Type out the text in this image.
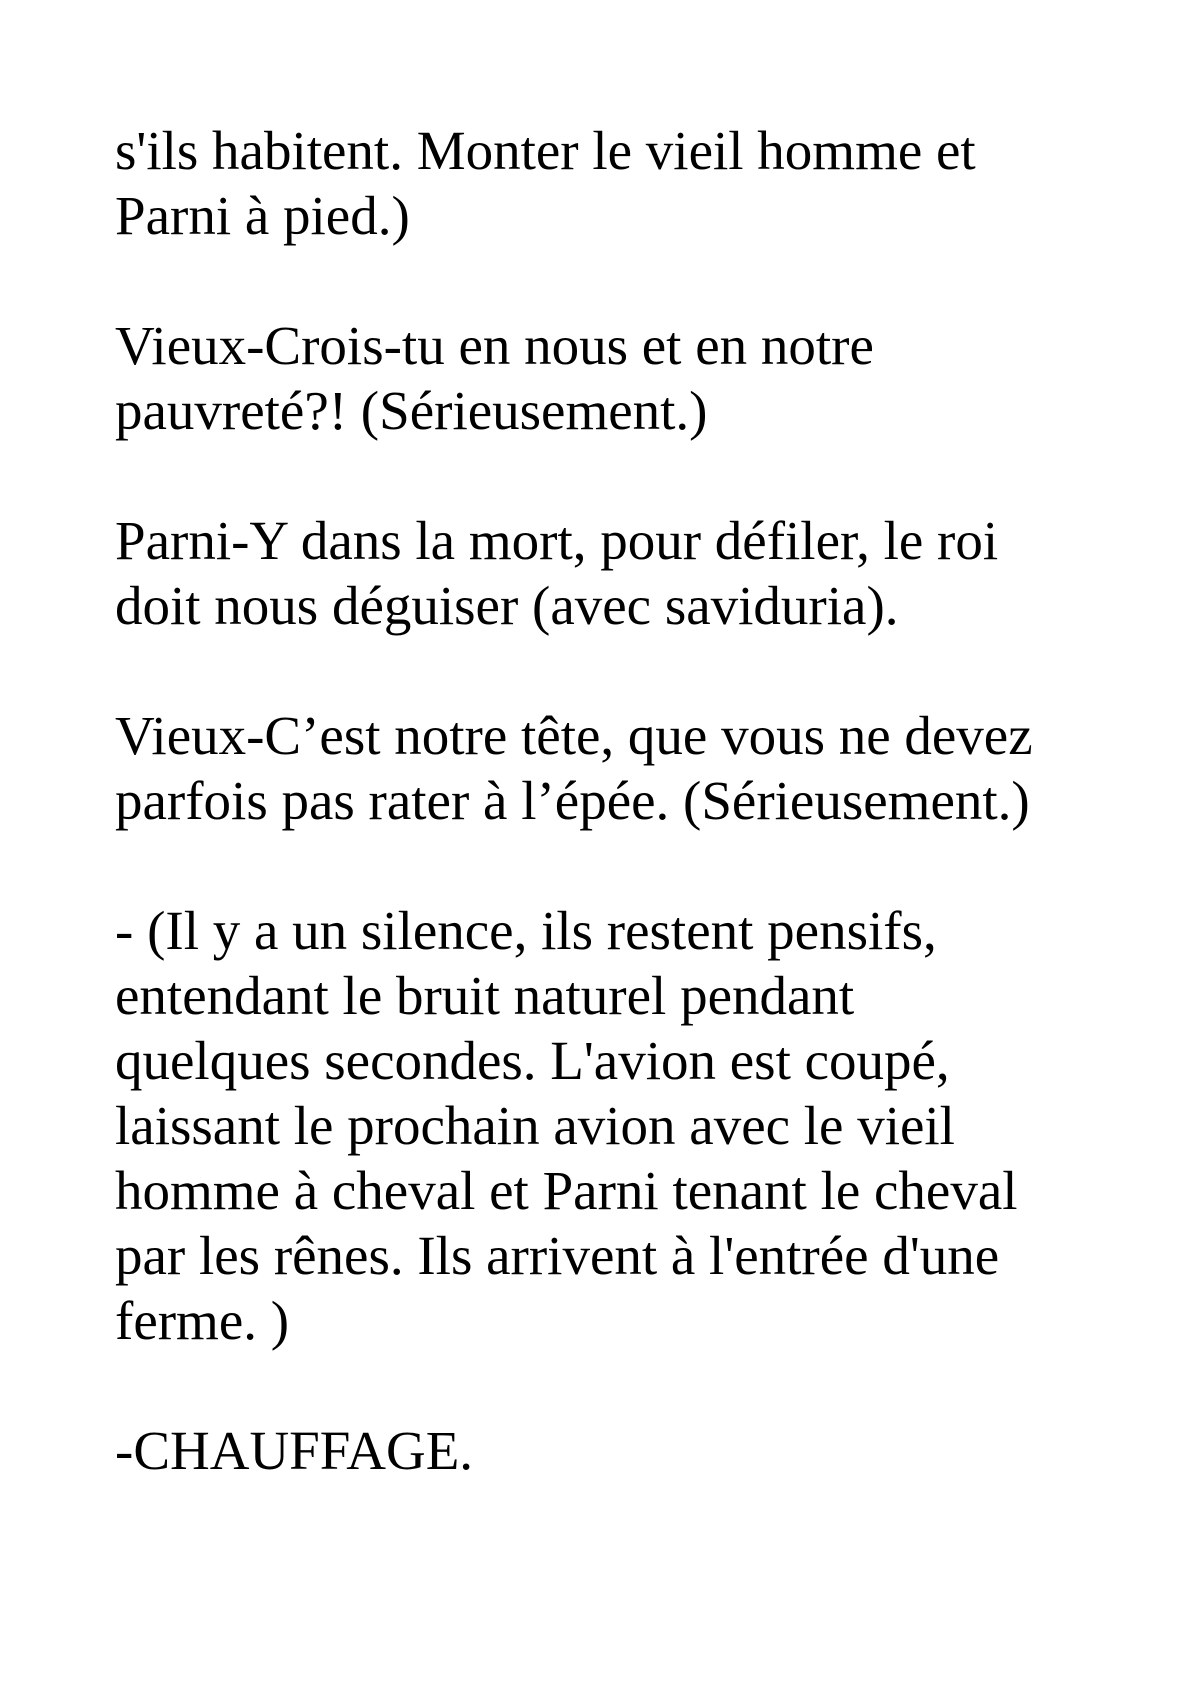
s'ils habitent. Monter le vieil homme et
Parni à pied.)

Vieux-Crois-tu en nous et en notre
pauvreté?! (Sérieusement.)

Parni-Y dans la mort, pour défiler, le roi
doit nous déguiser (avec saviduria).

Vieux-C’est notre tête, que vous ne devez
parfois pas rater à l’épée. (Sérieusement.)

- (Il y a un silence, ils restent pensifs,
entendant le bruit naturel pendant
quelques secondes. L'avion est coupé,
laissant le prochain avion avec le vieil
homme à cheval et Parni tenant le cheval
par les rênes. Ils arrivent à l'entrée d'une
ferme. )

-CHAUFFAGE.
